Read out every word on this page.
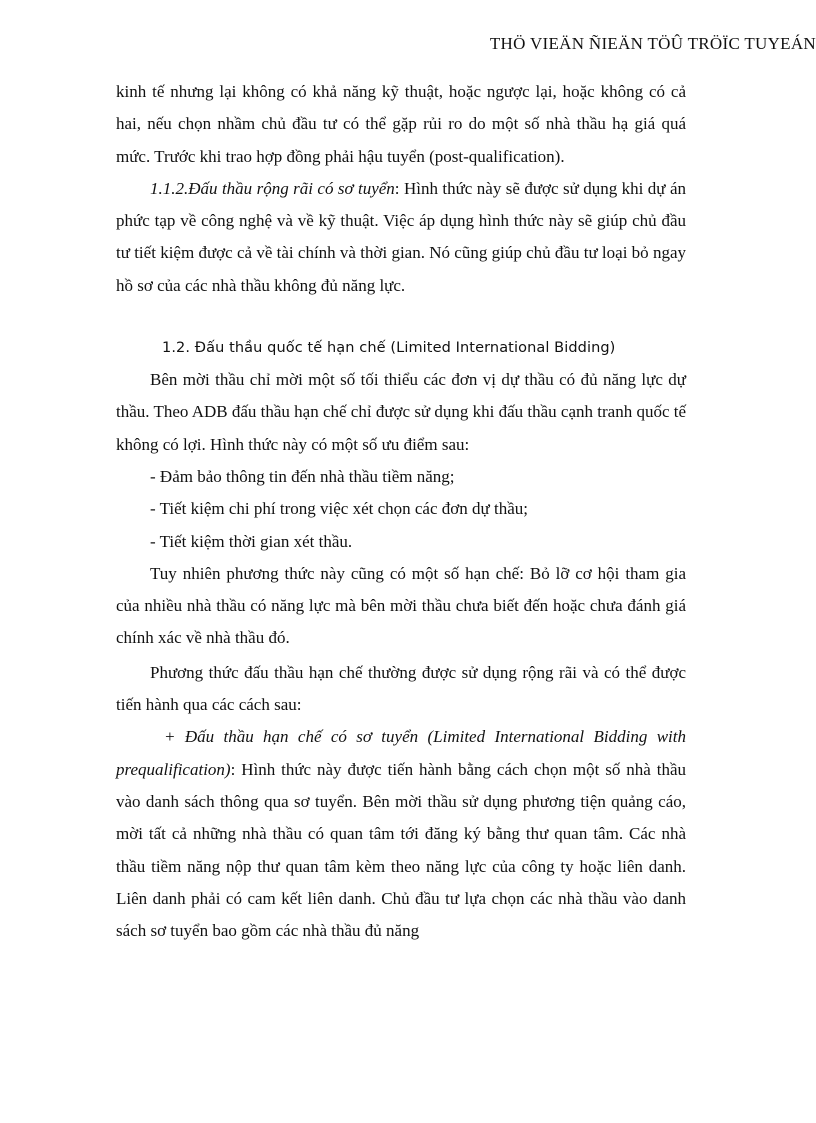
THÖ VIEÄN ÑIEÄN TÖÛ TRÖÏC TUYEÁN

kinh tế nhưng lại không có khả năng kỹ thuật, hoặc ngược lại, hoặc không có cả hai, nếu chọn nhầm chủ đầu tư có thể gặp rủi ro do một số nhà thầu hạ giá quá mức. Trước khi trao hợp đồng phải hậu tuyển (post-qualification).

1.1.2.Đấu thầu rộng rãi có sơ tuyển: Hình thức này sẽ được sử dụng khi dự án phức tạp về công nghệ và về kỹ thuật. Việc áp dụng hình thức này sẽ giúp chủ đầu tư tiết kiệm được cả về tài chính và thời gian. Nó cũng giúp chủ đầu tư loại bỏ ngay hồ sơ của các nhà thầu không đủ năng lực.

1.2. Đấu thầu quốc tế hạn chế (Limited International Bidding)

Bên mời thầu chỉ mời một số tối thiểu các đơn vị dự thầu có đủ năng lực dự thầu. Theo ADB đấu thầu hạn chế chỉ được sử dụng khi đấu thầu cạnh tranh quốc tế không có lợi. Hình thức này có một số ưu điểm sau:

- Đảm bảo thông tin đến nhà thầu tiềm năng;

- Tiết kiệm chi phí trong việc xét chọn các đơn dự thầu;

- Tiết kiệm thời gian xét thầu.

Tuy nhiên phương thức này cũng có một số hạn chế: Bỏ lỡ cơ hội tham gia của nhiều nhà thầu có năng lực mà bên mời thầu chưa biết đến hoặc chưa đánh giá chính xác về nhà thầu đó.

Phương thức đấu thầu hạn chế thường được sử dụng rộng rãi và có thể được tiến hành qua các cách sau:

+ Đấu thầu hạn chế có sơ tuyển (Limited International Bidding with prequalification): Hình thức này được tiến hành bằng cách chọn một số nhà thầu vào danh sách thông qua sơ tuyển. Bên mời thầu sử dụng phương tiện quảng cáo, mời tất cả những nhà thầu có quan tâm tới đăng ký bằng thư quan tâm. Các nhà thầu tiềm năng nộp thư quan tâm kèm theo năng lực của công ty hoặc liên danh. Liên danh phải có cam kết liên danh. Chủ đầu tư lựa chọn các nhà thầu vào danh sách sơ tuyển bao gồm các nhà thầu đủ năng
